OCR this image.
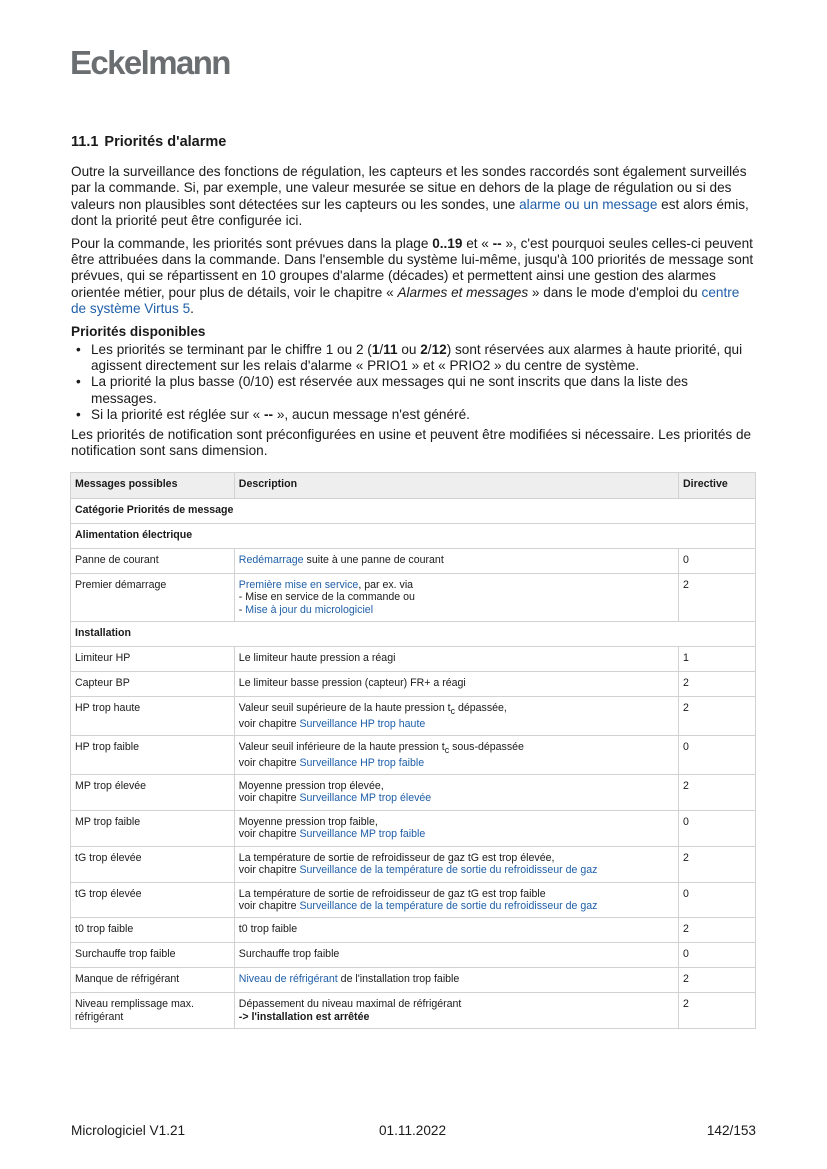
Eckelmann
11.1 Priorités d'alarme

Outre la surveillance des fonctions de régulation, les capteurs et les sondes raccordés sont également surveillés par la commande. Si, par exemple, une valeur mesurée se situe en dehors de la plage de régulation ou si des valeurs non plausibles sont détectées sur les capteurs ou les sondes, une alarme ou un message est alors émis, dont la priorité peut être configurée ici.

Pour la commande, les priorités sont prévues dans la plage 0..19 et « -- », c'est pourquoi seules celles-ci peuvent être attribuées dans la commande. Dans l'ensemble du système lui-même, jusqu'à 100 priorités de message sont prévues, qui se répartissent en 10 groupes d'alarme (décades) et permettent ainsi une gestion des alarmes orientée métier, pour plus de détails, voir le chapitre « Alarmes et messages » dans le mode d'emploi du centre de système Virtus 5.

Priorités disponibles
• Les priorités se terminant par le chiffre 1 ou 2 (1/11 ou 2/12) sont réservées aux alarmes à haute priorité, qui agissent directement sur les relais d'alarme « PRIO1 » et « PRIO2 » du centre de système.
• La priorité la plus basse (0/10) est réservée aux messages qui ne sont inscrits que dans la liste des messages.
• Si la priorité est réglée sur « -- », aucun message n'est généré.

Les priorités de notification sont préconfigurées en usine et peuvent être modifiées si nécessaire. Les priorités de notification sont sans dimension.

Messages possibles	Description	Directive
Catégorie Priorités de message		
Alimentation électrique		
Panne de courant	Redémarrage suite à une panne de courant	0
Premier démarrage	Première mise en service, par ex. via
- Mise en service de la commande ou
- Mise à jour du micrologiciel	2
Installation		
Limiteur HP	Le limiteur haute pression a réagi	1
Capteur BP	Le limiteur basse pression (capteur) FR+ a réagi	2
HP trop haute	Valeur seuil supérieure de la haute pression $t_c$ dépassée,
voir chapitre Surveillance HP trop haute	2
HP trop faible	Valeur seuil inférieure de la haute pression $t_c$ sous-dépassée
voir chapitre Surveillance HP trop faible	0
MP trop élevée	Moyenne pression trop élevée,
voir chapitre Surveillance MP trop élevée	2
MP trop faible	Moyenne pression trop faible,
voir chapitre Surveillance MP trop faible	0
tG trop élevée	La température de sortie de refroidisseur de gaz tG est trop élevée,
voir chapitre Surveillance de la température de sortie du refroidisseur de gaz	2
tG trop élevée	La température de sortie de refroidisseur de gaz tG est trop faible
voir chapitre Surveillance de la température de sortie du refroidisseur de gaz	0
t0 trop faible	t0 trop faible	2
Surchauffe trop faible	Surchauffe trop faible	0
Manque de réfrigérant	Niveau de réfrigérant de l'installation trop faible	2
Niveau remplissage max. réfrigérant	Dépassement du niveau maximal de réfrigérant
-> l'installation est arrêtée	2
Micrologiciel V1.21	01.11.2022	142/153
